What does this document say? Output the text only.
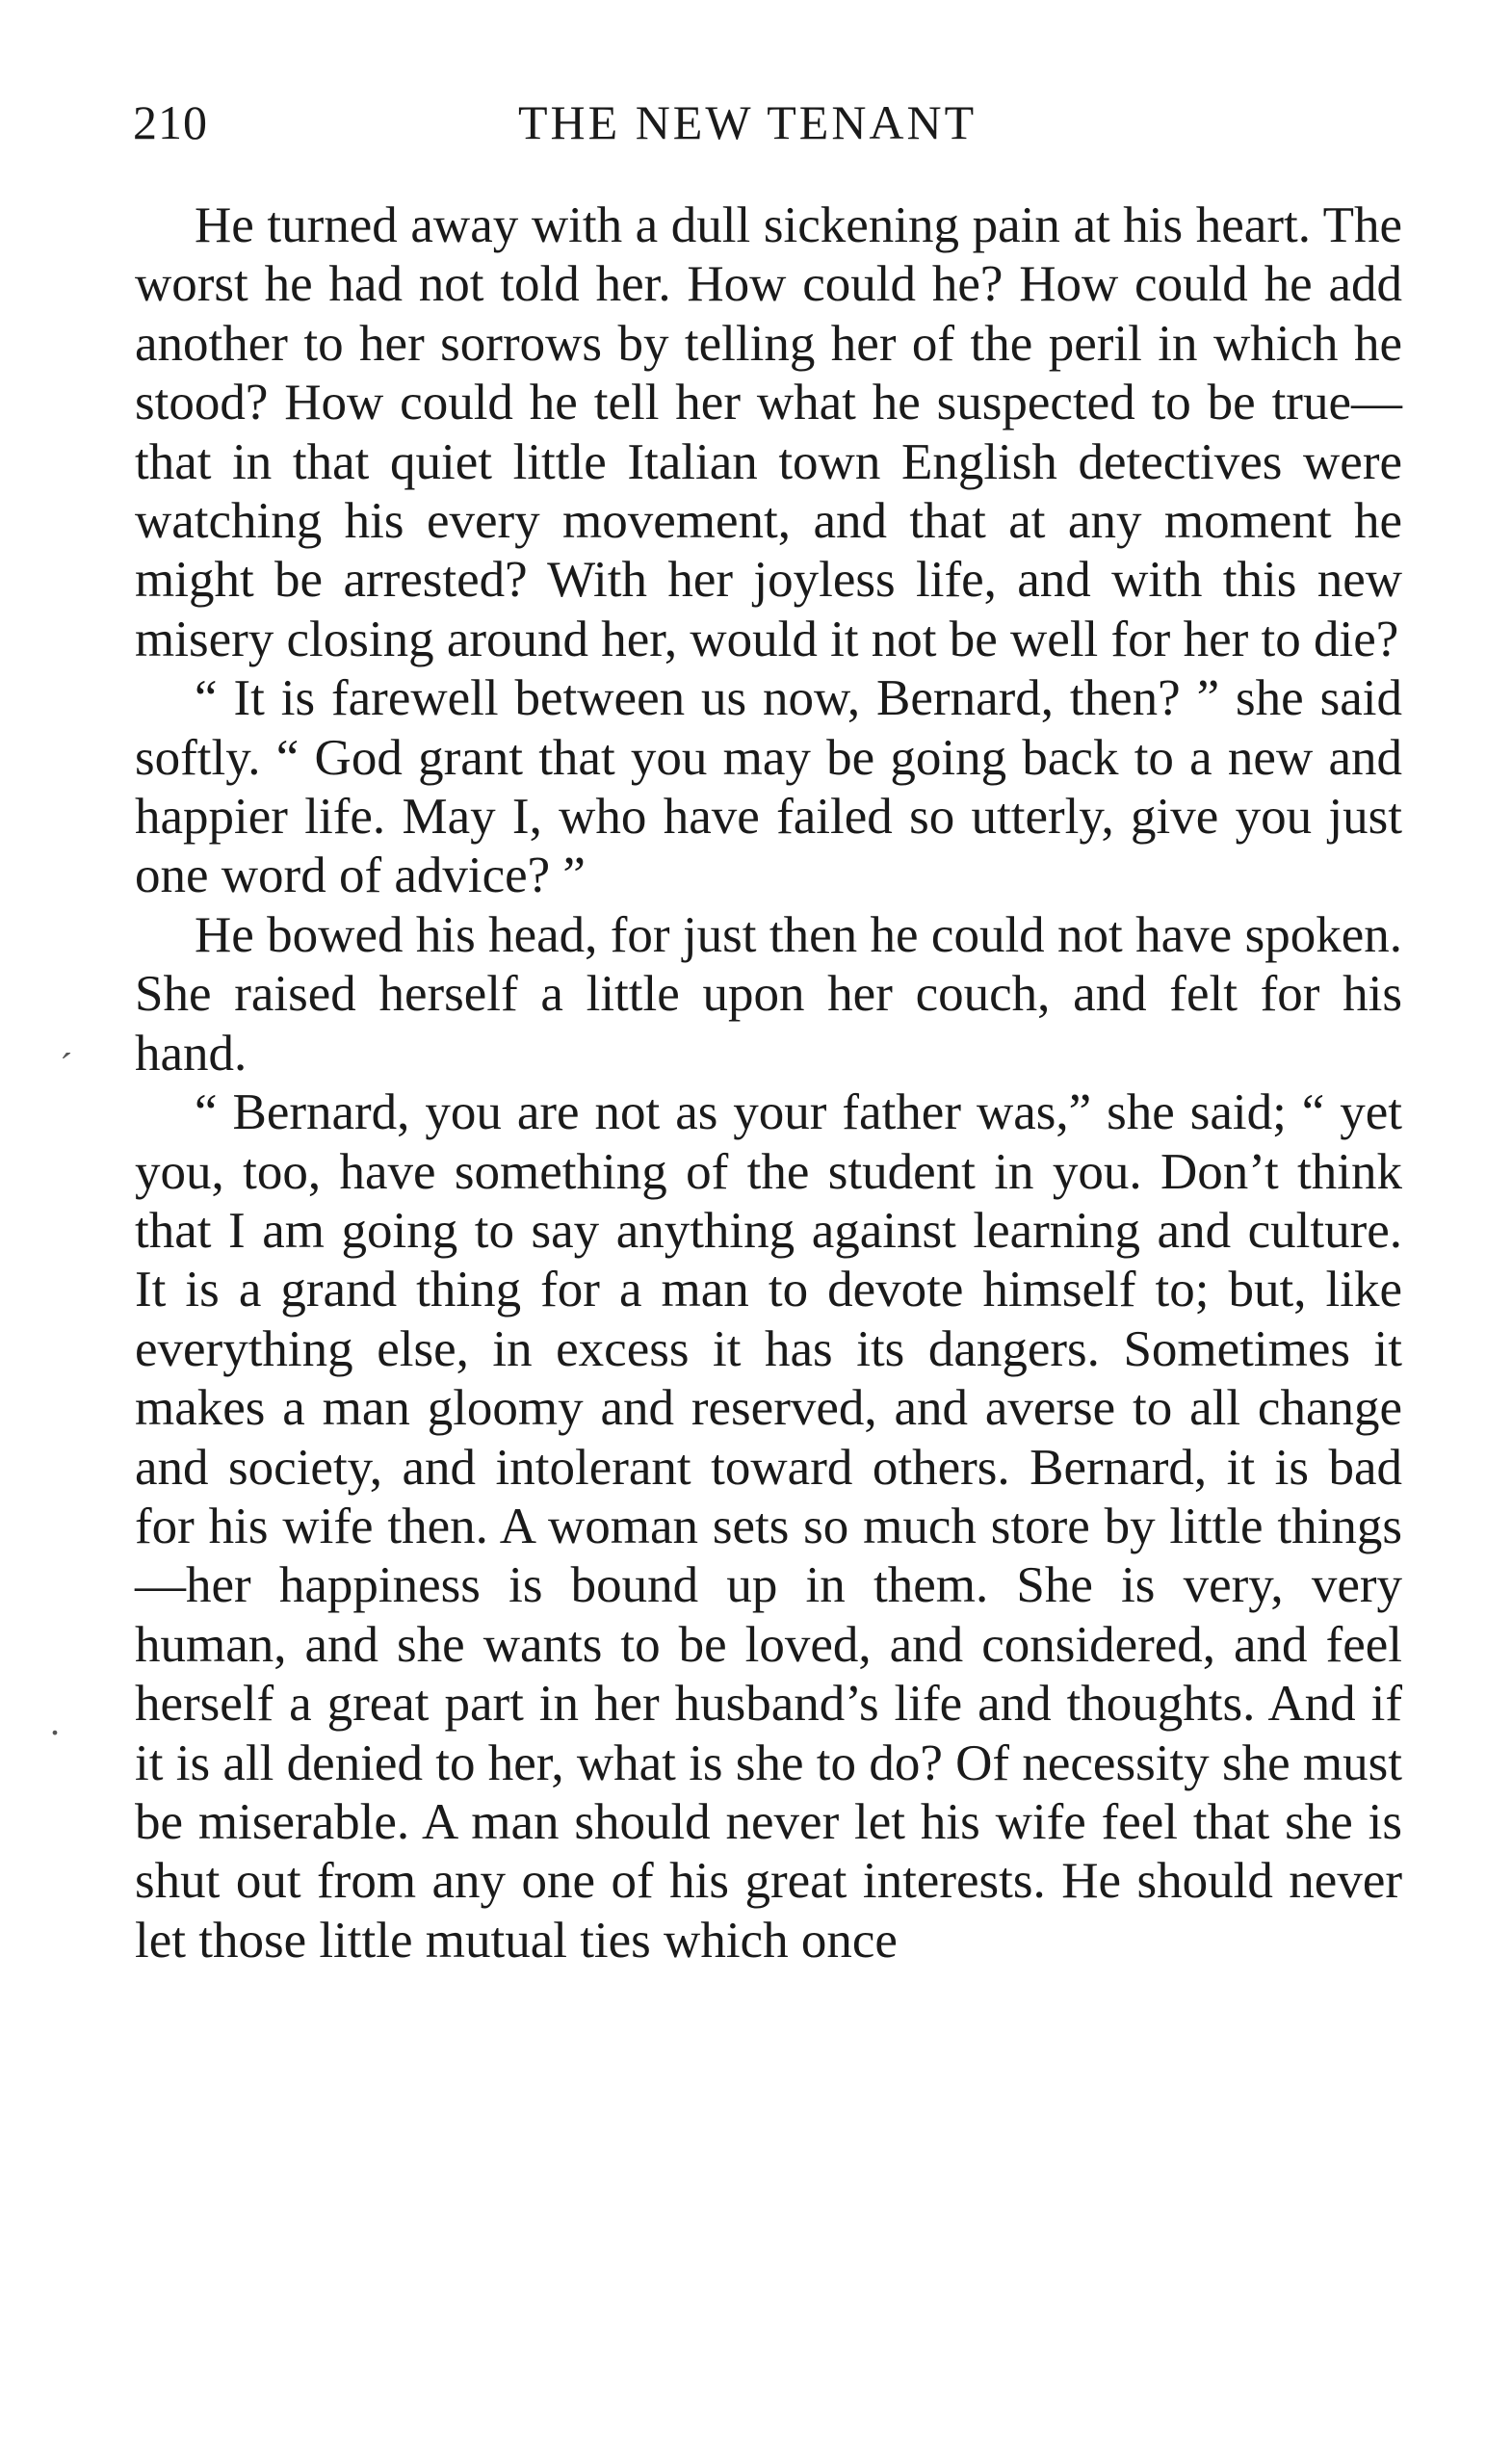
210	THE NEW TENANT

He turned away with a dull sickening pain at his heart. The worst he had not told her. How could he? How could he add another to her sorrows by telling her of the peril in which he stood? How could he tell her what he suspected to be true—that in that quiet little Italian town English detectives were watching his every movement, and that at any moment he might be arrested? With her joyless life, and with this new misery closing around her, would it not be well for her to die?

“ It is farewell between us now, Bernard, then? ” she said softly. “ God grant that you may be going back to a new and happier life. May I, who have failed so utterly, give you just one word of advice? ”

He bowed his head, for just then he could not have spoken. She raised herself a little upon her couch, and felt for his hand.

“ Bernard, you are not as your father was,” she said; “ yet you, too, have something of the student in you. Don’t think that I am going to say anything against learning and culture. It is a grand thing for a man to devote himself to; but, like everything else, in excess it has its dangers. Sometimes it makes a man gloomy and reserved, and averse to all change and society, and intolerant toward others. Bernard, it is bad for his wife then. A woman sets so much store by little things—her happiness is bound up in them. She is very, very human, and she wants to be loved, and considered, and feel herself a great part in her husband’s life and thoughts. And if it is all denied to her, what is she to do? Of necessity she must be miserable. A man should never let his wife feel that she is shut out from any one of his great interests. He should never let those little mutual ties which once

ˊ
.
